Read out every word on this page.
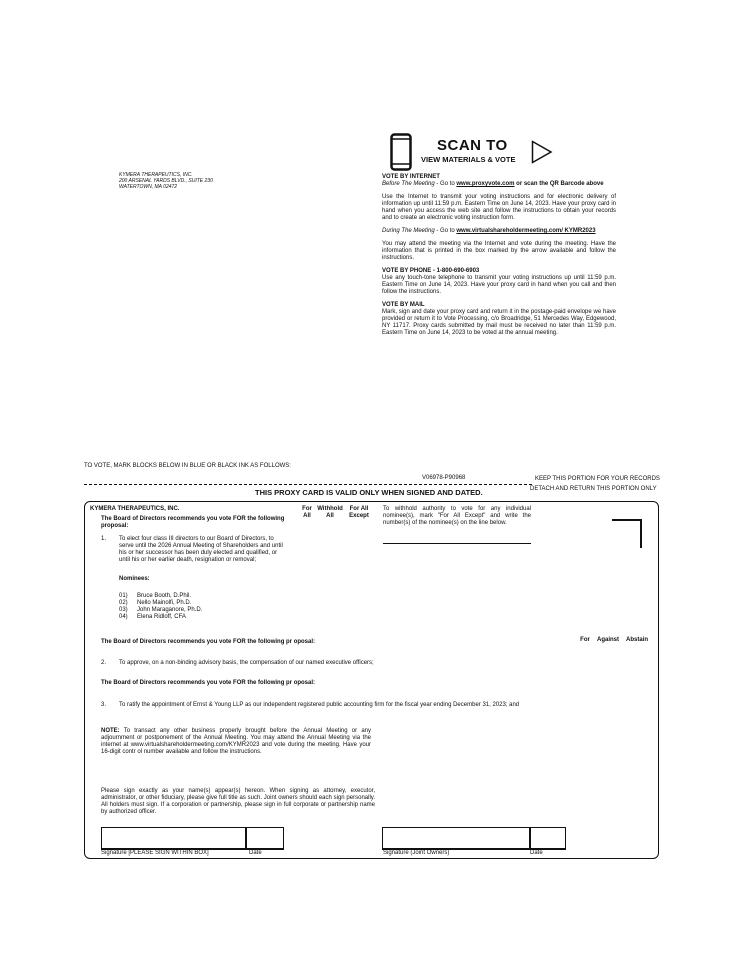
KYMERA THERAPEUTICS, INC.
200 ARSENAL YARDS BLVD., SUITE 230
WATERTOWN, MA 02472
SCAN TO
VIEW MATERIALS & VOTE
VOTE BY INTERNET
Before The Meeting - Go to www.proxyvote.com or scan the QR Barcode above
Use the Internet to transmit your voting instructions and for electronic delivery of information up until 11:59 p.m. Eastern Time on June 14, 2023. Have your proxy card in hand when you access the web site and follow the instructions to obtain your records and to create an electronic voting instruction form.
During The Meeting - Go to www.virtualshareholdermeeting.com/ KYMR2023
You may attend the meeting via the Internet and vote during the meeting. Have the information that is printed in the box marked by the arrow available and follow the instructions.
VOTE BY PHONE - 1-800-690-6903
Use any touch-tone telephone to transmit your voting instructions up until 11:59 p.m. Eastern Time on June 14, 2023. Have your proxy card in hand when you call and then follow the instructions.
VOTE BY MAIL
Mark, sign and date your proxy card and return it in the postage-paid envelope we have provided or return it to Vote Processing, c/o Broadridge, 51 Mercedes Way, Edgewood, NY 11717. Proxy cards submitted by mail must be received no later than 11:59 p.m. Eastern Time on June 14, 2023 to be voted at the annual meeting.
TO VOTE, MARK BLOCKS BELOW IN BLUE OR BLACK INK AS FOLLOWS:
V06978-P90968	KEEP THIS PORTION FOR YOUR RECORDS
DETACH AND RETURN THIS PORTION ONLY
THIS PROXY CARD IS VALID ONLY WHEN SIGNED AND DATED.
KYMERA THERAPEUTICS, INC.
The Board of Directors recommends you vote FOR the following proposal:
For
All
Withhold
All
For All
Except
To withhold authority to vote for any individual nominee(s), mark "For All Except" and write the number(s) of the nominee(s) on the line below.
1. To elect four class III directors to our Board of Directors, to serve until the 2026 Annual Meeting of Shareholders and until his or her successor has been duly elected and qualified, or until his or her earlier death, resignation or removal;
Nominees:
01) Bruce Booth, D.Phil.
02) Nello Mainolfi, Ph.D.
03) John Maraganore, Ph.D.
04) Elena Ridloff, CFA
The Board of Directors recommends you vote FOR the following pr oposal:	For	Against	Abstain
2. To approve, on a non-binding advisory basis, the compensation of our named executive officers;
The Board of Directors recommends you vote FOR the following pr oposal:
3. To ratify the appointment of Ernst & Young LLP as our independent registered public accounting firm for the fiscal year ending December 31, 2023; and
NOTE: To transact any other business properly brought before the Annual Meeting or any adjournment or postponement of the Annual Meeting. You may attend the Annual Meeting via the internet at www.virtualshareholdermeeting.com/KYMR2023 and vote during the meeting. Have your 16-digit contr ol number available and follow the instructions.
Please sign exactly as your name(s) appear(s) hereon. When signing as attorney, executor, administrator, or other fiduciary, please give full title as such. Joint owners should each sign personally. All holders must sign. If a corporation or partnership, please sign in full corporate or partnership name by authorized officer.
Signature [PLEASE SIGN WITHIN BOX]	Date	Signature (Joint Owners)	Date
